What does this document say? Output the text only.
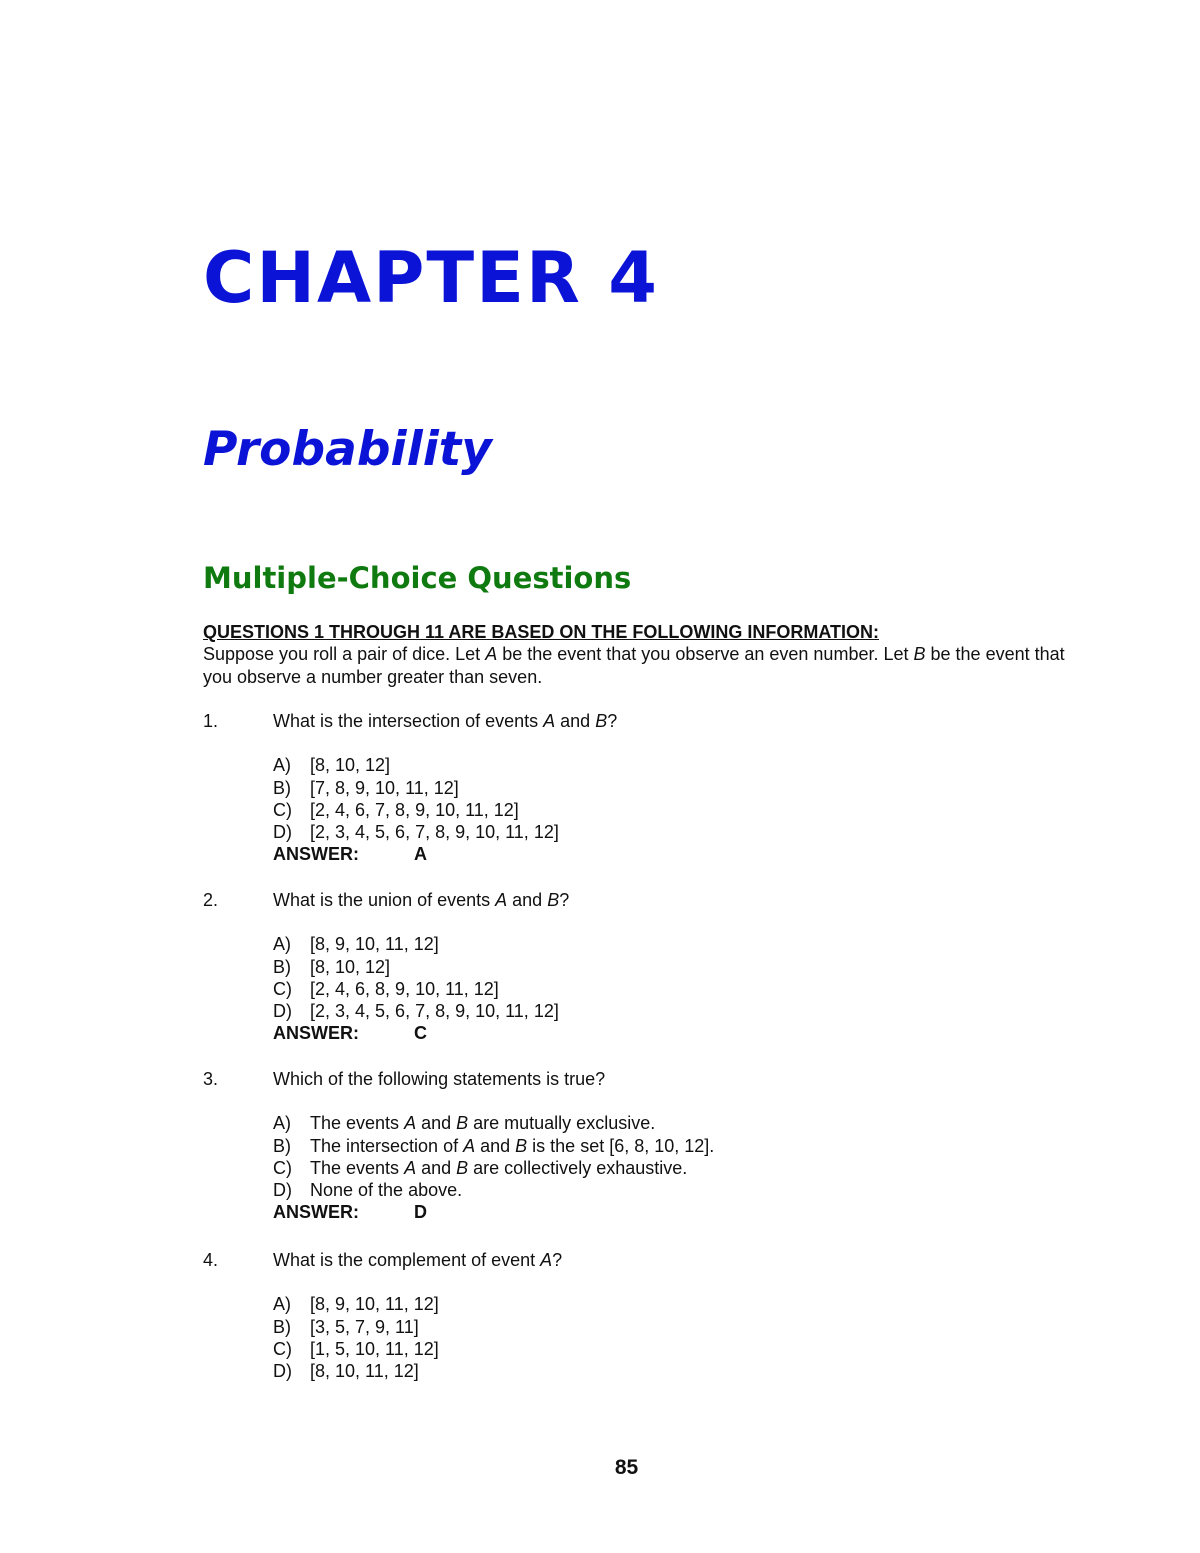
CHAPTER 4
Probability
Multiple-Choice Questions

QUESTIONS 1 THROUGH 11 ARE BASED ON THE FOLLOWING INFORMATION:

Suppose you roll a pair of dice. Let A be the event that you observe an even number. Let B be the event that you observe a number greater than seven.

1.	What is the intersection of events A and B?
A)	[8, 10, 12]
B)	[7, 8, 9, 10, 11, 12]
C)	[2, 4, 6, 7, 8, 9, 10, 11, 12]
D)	[2, 3, 4, 5, 6, 7, 8, 9, 10, 11, 12]
ANSWER:	A
2.	What is the union of events A and B?
A)	[8, 9, 10, 11, 12]
B)	[8, 10, 12]
C)	[2, 4, 6, 8, 9, 10, 11, 12]
D)	[2, 3, 4, 5, 6, 7, 8, 9, 10, 11, 12]
ANSWER:	C
3.	Which of the following statements is true?
A)	The events A and B are mutually exclusive.
B)	The intersection of A and B is the set [6, 8, 10, 12].
C)	The events A and B are collectively exhaustive.
D)	None of the above.
ANSWER:	D
4.	What is the complement of event A?
A)	[8, 9, 10, 11, 12]
B)	[3, 5, 7, 9, 11]
C)	[1, 5, 10, 11, 12]
D)	[8, 10, 11, 12]
85
